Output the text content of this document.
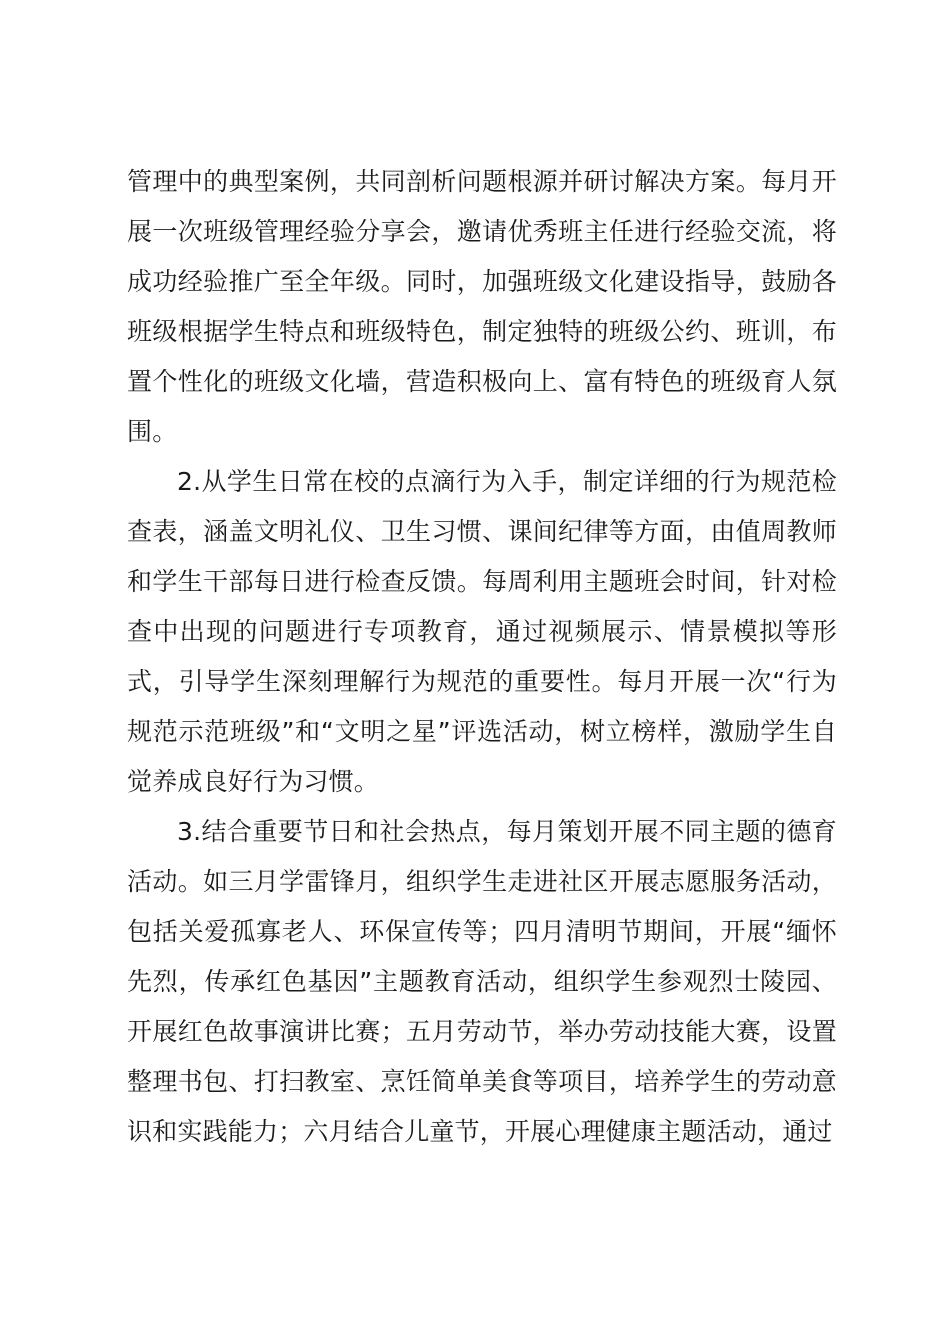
管理中的典型案例，共同剖析问题根源并研讨解决方案。每月开展一次班级管理经验分享会，邀请优秀班主任进行经验交流，将成功经验推广至全年级。同时，加强班级文化建设指导，鼓励各班级根据学生特点和班级特色，制定独特的班级公约、班训，布置个性化的班级文化墙，营造积极向上、富有特色的班级育人氛围。

2.从学生日常在校的点滴行为入手，制定详细的行为规范检查表，涵盖文明礼仪、卫生习惯、课间纪律等方面，由值周教师和学生干部每日进行检查反馈。每周利用主题班会时间，针对检查中出现的问题进行专项教育，通过视频展示、情景模拟等形式，引导学生深刻理解行为规范的重要性。每月开展一次“行为规范示范班级”和“文明之星”评选活动，树立榜样，激励学生自觉养成良好行为习惯。

3.结合重要节日和社会热点，每月策划开展不同主题的德育活动。如三月学雷锋月，组织学生走进社区开展志愿服务活动，包括关爱孤寡老人、环保宣传等；四月清明节期间，开展“缅怀先烈，传承红色基因”主题教育活动，组织学生参观烈士陵园、开展红色故事演讲比赛；五月劳动节，举办劳动技能大赛，设置整理书包、打扫教室、烹饪简单美食等项目，培养学生的劳动意识和实践能力；六月结合儿童节，开展心理健康主题活动，通过
